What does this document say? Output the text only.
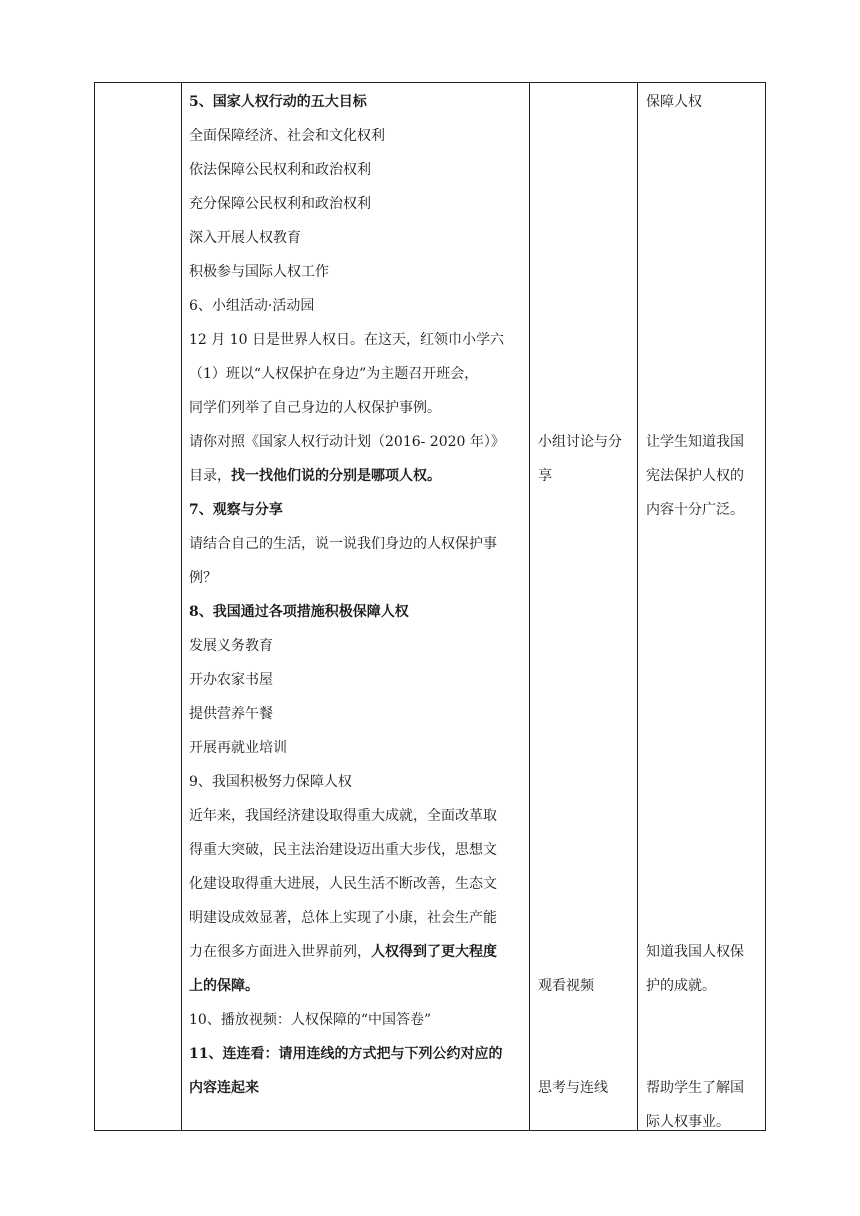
5、国家人权行动的五大目标
全面保障经济、社会和文化权利
依法保障公民权利和政治权利
充分保障公民权利和政治权利
深入开展人权教育
积极参与国际人权工作
6、小组活动·活动园
12 月 10 日是世界人权日。在这天，红领巾小学六
（1）班以“人权保护在身边”为主题召开班会，
同学们列举了自己身边的人权保护事例。
请你对照《国家人权行动计划（2016- 2020 年）》
目录，找一找他们说的分别是哪项人权。
7、观察与分享
请结合自己的生活，说一说我们身边的人权保护事
例？
8、我国通过各项措施积极保障人权
发展义务教育
开办农家书屋
提供营养午餐
开展再就业培训
9、我国积极努力保障人权
近年来，我国经济建设取得重大成就，全面改革取
得重大突破，民主法治建设迈出重大步伐，思想文
化建设取得重大进展，人民生活不断改善，生态文
明建设成效显著，总体上实现了小康，社会生产能
力在很多方面进入世界前列，人权得到了更大程度
上的保障。
10、播放视频：人权保障的“中国答卷”
11、连连看：请用连线的方式把与下列公约对应的
内容连起来
小组讨论与分
享
观看视频
思考与连线
保障人权
让学生知道我国
宪法保护人权的
内容十分广泛。
知道我国人权保
护的成就。
帮助学生了解国
际人权事业。
